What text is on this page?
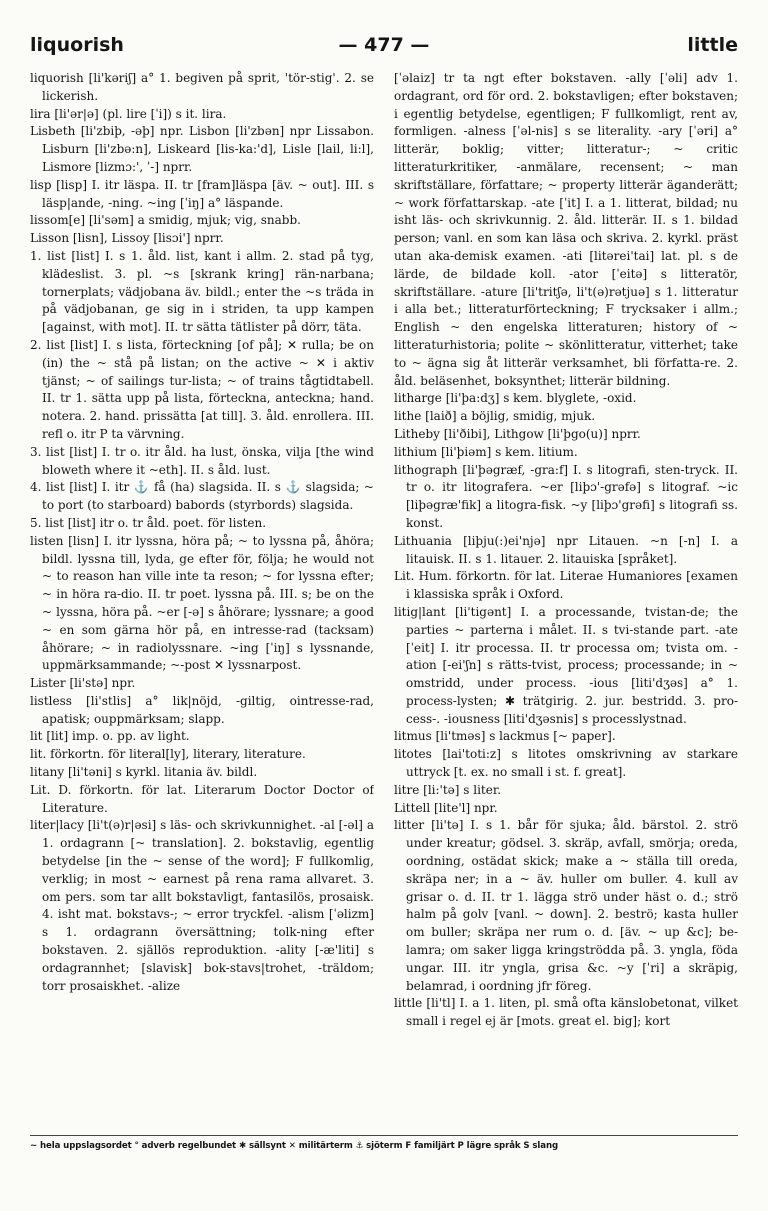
liquorish	— 477 —	little

liquorish [li'kəriʃ] a° 1. begiven på sprit, 'tör-stig'. 2. se lickerish.

lira [li'ər|ə] (pl. lire [ˈi]) s it. lira.

Lisbeth [li'zbiþ, -əþ] npr. Lisbon [li'zbən] npr Lissabon. Lisburn [li'zbə:n], Liskeard [lis-ka:'d], Lisle [lail, li:l], Lismore [lizmɔ:', ˈ-] nprr.

lisp [lisp] I. itr läspa. II. tr [fram]läspa [äv. ~ out]. III. s läsp|ande, -ning. ~ing [ˈiŋ] a° läspande.

lissom[e] [li'səm] a smidig, mjuk; vig, snabb.

Lisson [lisn], Lissoy [lisɔi'] nprr.

1. list [list] I. s 1. åld. list, kant i allm. 2. stad på tyg, klädeslist. 3. pl. ~s [skrank kring] rän-narbana; tornerplats; vädjobana äv. bildl.; enter the ~s träda in på vädjobanan, ge sig in i striden, ta upp kampen [against, with mot]. II. tr sätta tätlister på dörr, täta.

2. list [list] I. s lista, förteckning [of på]; ✕ rulla; be on (in) the ~ stå på listan; on the active ~ ✕ i aktiv tjänst; ~ of sailings tur-lista; ~ of trains tågtidtabell. II. tr 1. sätta upp på lista, förteckna, anteckna; hand. notera. 2. hand. prissätta [at till]. 3. åld. enrollera. III. refl o. itr P ta värvning.

3. list [list] I. tr o. itr åld. ha lust, önska, vilja [the wind bloweth where it ~eth]. II. s åld. lust.

4. list [list] I. itr ⚓ få (ha) slagsida. II. s ⚓ slagsida; ~ to port (to starboard) babords (styrbords) slagsida.

5. list [list] itr o. tr åld. poet. för listen.

listen [lisn] I. itr lyssna, höra på; ~ to lyssna på, åhöra; bildl. lyssna till, lyda, ge efter för, följa; he would not ~ to reason han ville inte ta reson; ~ for lyssna efter; ~ in höra ra-dio. II. tr poet. lyssna på. III. s; be on the ~ lyssna, höra på. ~er [-ə] s åhörare; lyssnare; a good ~ en som gärna hör på, en intresse-rad (tacksam) åhörare; ~ in radiolyssnare. ~ing [ˈiŋ] s lyssnande, uppmärksammande; ~-post ✕ lyssnarpost.

Lister [li'stə] npr.

listless [li'stlis] a° lik|nöjd, -giltig, ointresse-rad, apatisk; ouppmärksam; slapp.

lit [lit] imp. o. pp. av light.

lit. förkortn. för literal[ly], literary, literature.

litany [li'təni] s kyrkl. litania äv. bildl.

Lit. D. förkortn. för lat. Literarum Doctor Doctor of Literature.

liter|lacy [li't(ə)r|əsi] s läs- och skrivkunnighet. -al [-əl] a 1. ordagrann [~ translation]. 2. bokstavlig, egentlig betydelse [in the ~ sense of the word]; F fullkomlig, verklig; in most ~ earnest på rena rama allvaret. 3. om pers. som tar allt bokstavligt, fantasilös, prosaisk. 4. isht mat. bokstavs-; ~ error tryckfel. -alism [ˈəlizm] s 1. ordagrann översättning; tolk-ning efter bokstaven. 2. själlös reproduktion. -ality [-æ'liti] s ordagrannhet; [slavisk] bok-stavs|trohet, -träldom; torr prosaiskhet. -alize

[ˈəlaiz] tr ta ngt efter bokstaven. -ally [ˈəli] adv 1. ordagrant, ord för ord. 2. bokstavligen; efter bokstaven; i egentlig betydelse, egentligen; F fullkomligt, rent av, formligen. -alness [ˈəl-nis] s se literality. -ary [ˈəri] a° litterär, boklig; vitter; litteratur-; ~ critic litteraturkritiker, -anmälare, recensent; ~ man skriftställare, författare; ~ property litterär äganderätt; ~ work författarskap. -ate [ˈit] I. a 1. litterat, bildad; nu isht läs- och skrivkunnig. 2. åld. litterär. II. s 1. bildad person; vanl. en som kan läsa och skriva. 2. kyrkl. präst utan aka-demisk examen. -ati [litərei'tai] lat. pl. s de lärde, de bildade koll. -ator [ˈeitə] s litteratör, skriftställare. -ature [li'tritʃə, li't(ə)rətjuə] s 1. litteratur i alla bet.; litteraturförteckning; F trycksaker i allm.; English ~ den engelska litteraturen; history of ~ litteraturhistoria; polite ~ skönlitteratur, vitterhet; take to ~ ägna sig åt litterär verksamhet, bli författa-re. 2. åld. beläsenhet, boksynthet; litterär bildning.

litharge [li'þa:dʒ] s kem. blyglete, -oxid.

lithe [laið] a böjlig, smidig, mjuk.

Litheby [li'ðibi], Lithgow [li'þgo(u)] nprr.

lithium [li'þiəm] s kem. litium.

lithograph [li'þəgræf, -gra:f] I. s litografi, sten-tryck. II. tr o. itr litografera. ~er [liþɔ'-grəfə] s litograf. ~ic [liþəgræ'fik] a litogra-fisk. ~y [liþɔ'grəfi] s litografi ss. konst.

Lithuania [liþju(:)ei'njə] npr Litauen. ~n [-n] I. a litauisk. II. s 1. litauer. 2. litauiska [språket].

Lit. Hum. förkortn. för lat. Literae Humaniores [examen i klassiska språk i Oxford.

litig|lant [li'tigənt] I. a processande, tvistan-de; the parties ~ parterna i målet. II. s tvi-stande part. -ate [ˈeit] I. itr processa. II. tr processa om; tvista om. -ation [-ei'ʃn] s rätts-tvist, process; processande; in ~ omstridd, under process. -ious [liti'dʒəs] a° 1. process-lysten; ✱ trätgirig. 2. jur. bestridd. 3. pro-cess-. -iousness [liti'dʒəsnis] s processlystnad.

litmus [li'tməs] s lackmus [~ paper].

litotes [lai'toti:z] s litotes omskrivning av starkare uttryck [t. ex. no small i st. f. great].

litre [li:'tə] s liter.

Littell [lite'l] npr.

litter [li'tə] I. s 1. bår för sjuka; åld. bärstol. 2. strö under kreatur; gödsel. 3. skräp, avfall, smörja; oreda, oordning, ostädat skick; make a ~ ställa till oreda, skräpa ner; in a ~ äv. huller om buller. 4. kull av grisar o. d. II. tr 1. lägga strö under häst o. d.; strö halm på golv [vanl. ~ down]. 2. beströ; kasta huller om buller; skräpa ner rum o. d. [äv. ~ up &c]; be-lamra; om saker ligga kringströdda på. 3. yngla, föda ungar. III. itr yngla, grisa &c. ~y [ˈri] a skräpig, belamrad, i oordning jfr föreg.

little [li'tl] I. a 1. liten, pl. små ofta känslobetonat, vilket small i regel ej är [mots. great el. big]; kort

~ hela uppslagsordet ° adverb regelbundet ✱ sällsynt ✕ militärterm ⚓ sjöterm F familjärt P lägre språk S slang
